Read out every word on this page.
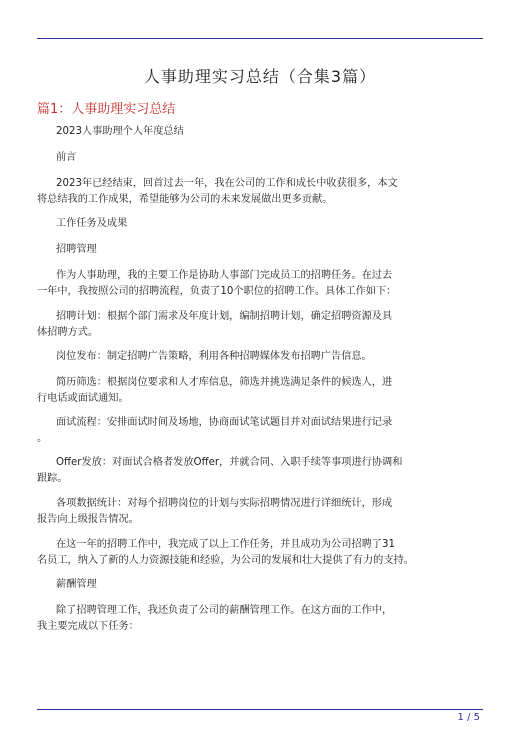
人事助理实习总结（合集3篇）
篇1：人事助理实习总结

2023人事助理个人年度总结

前言

2023年已经结束，回首过去一年，我在公司的工作和成长中收获很多，本文
将总结我的工作成果，希望能够为公司的未来发展做出更多贡献。

工作任务及成果

招聘管理

作为人事助理，我的主要工作是协助人事部门完成员工的招聘任务。在过去
一年中，我按照公司的招聘流程，负责了10个职位的招聘工作。具体工作如下：

招聘计划：根据个部门需求及年度计划，编制招聘计划，确定招聘资源及具
体招聘方式。

岗位发布：制定招聘广告策略，利用各种招聘媒体发布招聘广告信息。

简历筛选：根据岗位要求和人才库信息，筛选并挑选满足条件的候选人，进
行电话或面试通知。

面试流程：安排面试时间及场地，协商面试笔试题目并对面试结果进行记录
。

Offer发放：对面试合格者发放Offer，并就合同、入职手续等事项进行协调和
跟踪。

各项数据统计：对每个招聘岗位的计划与实际招聘情况进行详细统计，形成
报告向上级报告情况。

在这一年的招聘工作中，我完成了以上工作任务，并且成功为公司招聘了31
名员工，纳入了新的人力资源技能和经验，为公司的发展和壮大提供了有力的支持。

薪酬管理

除了招聘管理工作，我还负责了公司的薪酬管理工作。在这方面的工作中，
我主要完成以下任务：

1 / 5
